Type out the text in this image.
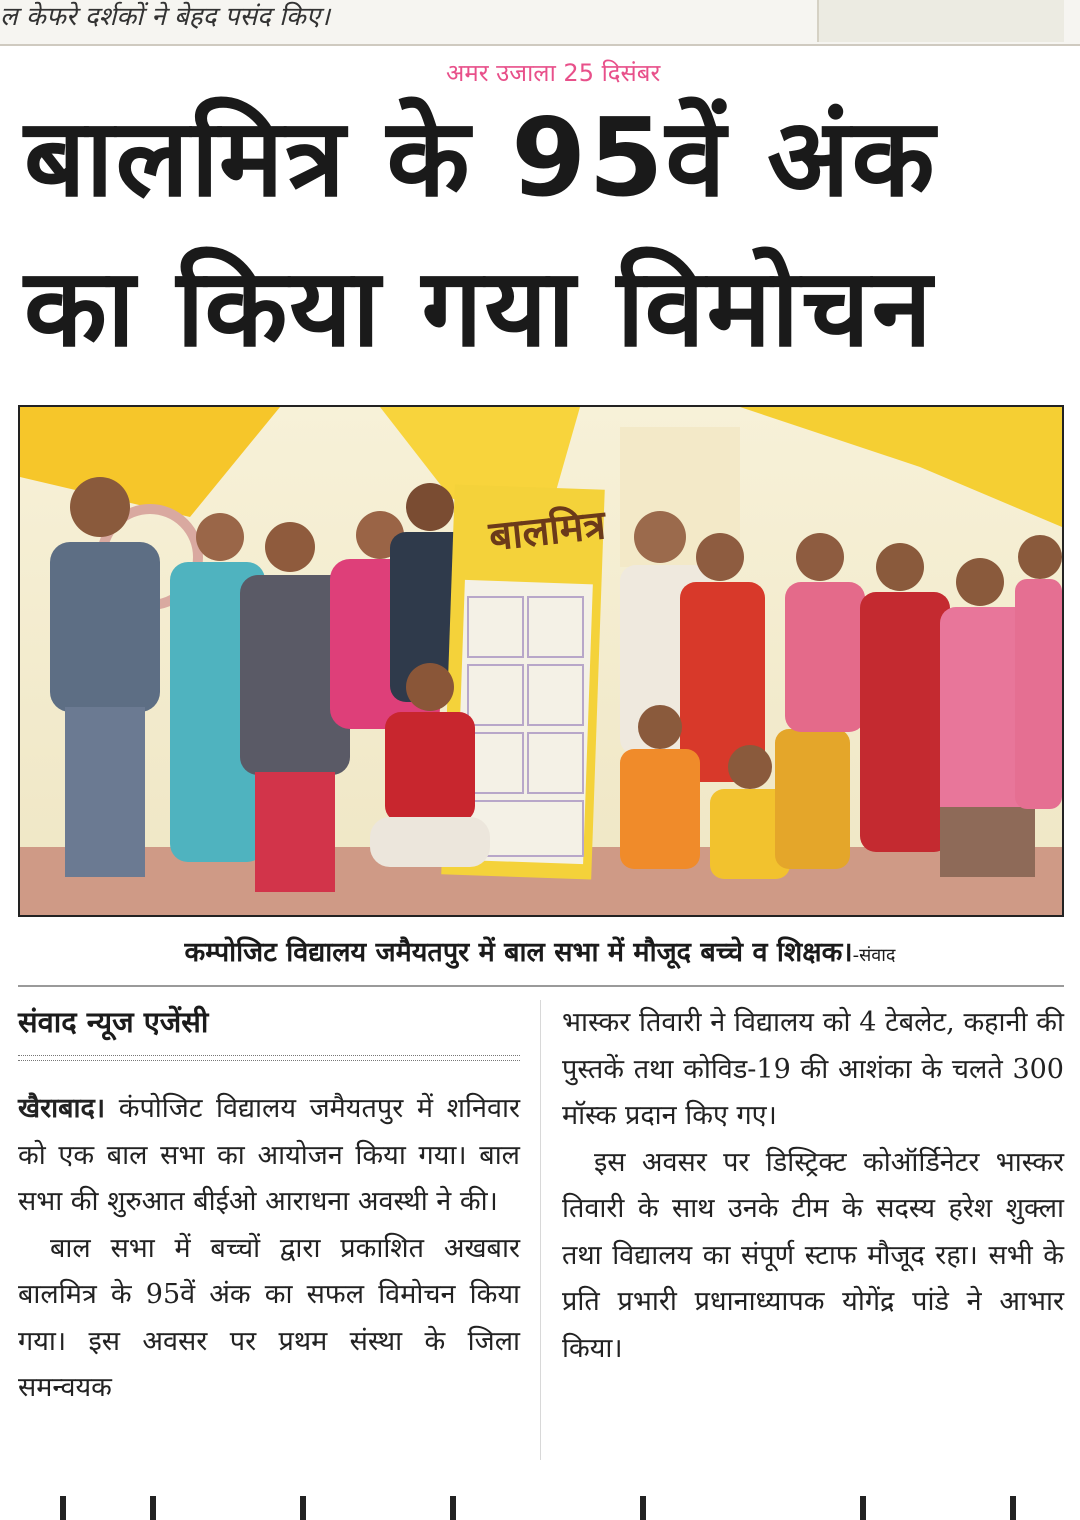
ल केफरे दर्शकों ने बेहद पसंद किए।
अमर उजाला 25 दिसंबर
बालमित्र के 95वें अंक
का किया गया विमोचन
बालमित्र
कम्पोजिट विद्यालय जमैयतपुर में बाल सभा में मौजूद बच्चे व शिक्षक।-संवाद
संवाद न्यूज एजेंसी

खैराबाद। कंपोजिट विद्यालय जमैयतपुर में शनिवार को एक बाल सभा का आयोजन किया गया। बाल सभा की शुरुआत बीईओ आराधना अवस्थी ने की।

बाल सभा में बच्चों द्वारा प्रकाशित अखबार बालमित्र के 95वें अंक का सफल विमोचन किया गया। इस अवसर पर प्रथम संस्था के जिला समन्वयक

भास्कर तिवारी ने विद्यालय को 4 टेबलेट, कहानी की पुस्तकें तथा कोविड-19 की आशंका के चलते 300 मॉस्क प्रदान किए गए।

इस अवसर पर डिस्ट्रिक्ट कोऑर्डिनेटर भास्कर तिवारी के साथ उनके टीम के सदस्य हरेश शुक्ला तथा विद्यालय का संपूर्ण स्टाफ मौजूद रहा। सभी के प्रति प्रभारी प्रधानाध्यापक योगेंद्र पांडे ने आभार किया।
